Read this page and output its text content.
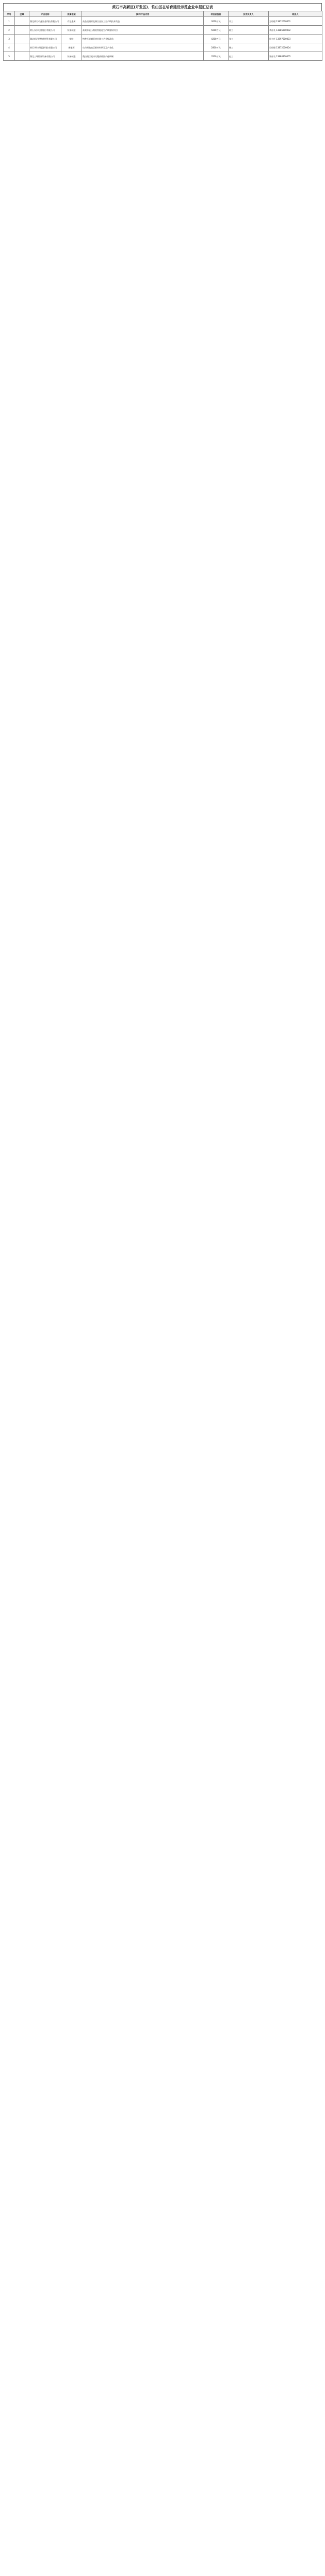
黄石市高新区(开发区)、铁山区在培育建设示范企业申报汇总表
序号	区域	产业名称	所属领域	技术/产品内容	项目总投资	技术负责人	联系人
1		湖北黄石市鑫冶金科技有限公司	有色金属	高品质铜材及铜合金加工生产线技术改造	3000万元	刘工	王经理 13872000001
2		黄石东贝电器股份有限公司	装备制造	高效节能压缩机智能化生产线建设项目	5000万元	陈工	李部长 13886200002
3		湖北新冶钢特种钢管有限公司	钢铁	特种无缝钢管热处理工艺升级改造	4200万元	张工	周主任 13597600003
4		黄石华科新能源科技有限公司	新能源	动力锂电池正极材料研发及产业化	2800万元	杨工	吴经理 13872000004
5		湖北三环锻压设备有限公司	装备制造	数控锻压机床关键部件国产化研制	3500万元	赵工	郑部长 13886200005
